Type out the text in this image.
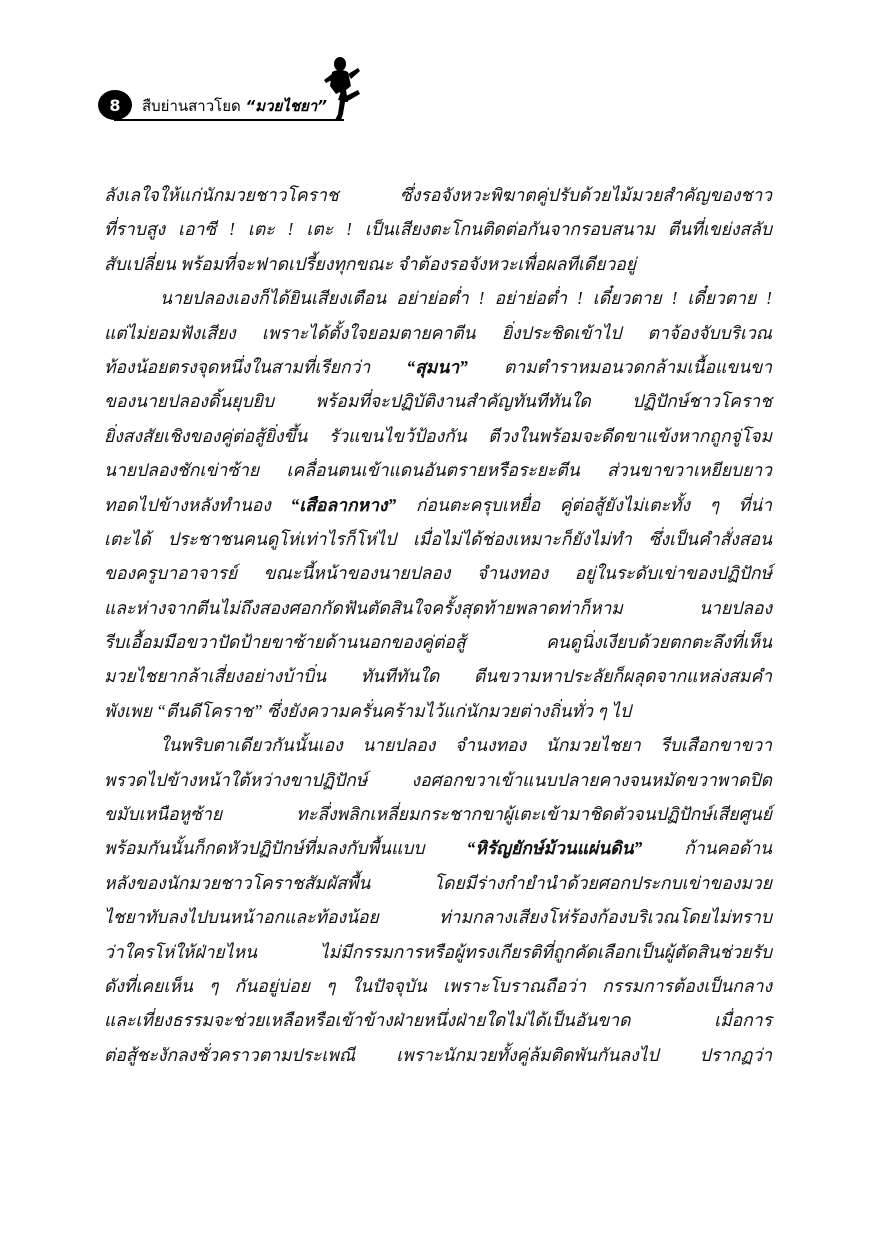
8 สืบย่านสาวโยด “มวยไชยา”
ลังเลใจให้แก่นักมวยชาวโคราช ซึ่งรอจังหวะพิฆาตคู่ปรับด้วยไม้มวยสำคัญของชาว
ที่ราบสูง เอาซี ! เตะ ! เตะ ! เป็นเสียงตะโกนติดต่อกันจากรอบสนาม ตีนที่เขย่งสลับ
สับเปลี่ยน พร้อมที่จะฟาดเปรี้ยงทุกขณะ จำต้องรอจังหวะเพื่อผลทีเดียวอยู่
นายปลองเองก็ได้ยินเสียงเตือน อย่าย่อต่ำ ! อย่าย่อต่ำ ! เดี๋ยวตาย ! เดี๋ยวตาย !
แต่ไม่ยอมฟังเสียง เพราะได้ตั้งใจยอมตายคาตีน ยิ่งประชิดเข้าไป ตาจ้องจับบริเวณ
ท้องน้อยตรงจุดหนึ่งในสามที่เรียกว่า “สุมนา” ตามตำราหมอนวดกล้ามเนื้อแขนขา
ของนายปลองดิ้นยุบยิบ พร้อมที่จะปฏิบัติงานสำคัญทันทีทันใด ปฏิปักษ์ชาวโคราช
ยิ่งสงสัยเชิงของคู่ต่อสู้ยิ่งขึ้น รัวแขนไขว้ป้องกัน ตีวงในพร้อมจะดีดขาแข้งหากถูกจู่โจม
นายปลองชักเข่าซ้าย เคลื่อนตนเข้าแดนอันตรายหรือระยะตีน ส่วนขาขวาเหยียบยาว
ทอดไปข้างหลังทำนอง “เสือลากหาง” ก่อนตะครุบเหยื่อ คู่ต่อสู้ยังไม่เตะทั้ง ๆ ที่น่า
เตะได้ ประชาชนคนดูโห่เท่าไรก็โห่ไป เมื่อไม่ได้ช่องเหมาะก็ยังไม่ทำ ซึ่งเป็นคำสั่งสอน
ของครูบาอาจารย์ ขณะนี้หน้าของนายปลอง จำนงทอง อยู่ในระดับเข่าของปฏิปักษ์
และห่างจากตีนไม่ถึงสองศอกกัดฟันตัดสินใจครั้งสุดท้ายพลาดท่าก็หาม นายปลอง
รีบเอื้อมมือขวาปัดป้ายขาซ้ายด้านนอกของคู่ต่อสู้ คนดูนิ่งเงียบด้วยตกตะลึงที่เห็น
มวยไชยากล้าเสี่ยงอย่างบ้าบิ่น ทันทีทันใด ตีนขวามหาประลัยก็ผลุดจากแหล่งสมคำ
พังเพย “ตีนดีโคราช” ซึ่งยังความครั่นคร้ามไว้แก่นักมวยต่างถิ่นทั่ว ๆ ไป
ในพริบตาเดียวกันนั้นเอง นายปลอง จำนงทอง นักมวยไชยา รีบเสือกขาขวา
พรวดไปข้างหน้าใต้หว่างขาปฏิปักษ์ งอศอกขวาเข้าแนบปลายคางจนหมัดขวาพาดปิด
ขมับเหนือหูซ้าย ทะลึ่งพลิกเหลี่ยมกระชากขาผู้เตะเข้ามาชิดตัวจนปฏิปักษ์เสียศูนย์
พร้อมกันนั้นก็กดหัวปฏิปักษ์ที่มลงกับพื้นแบบ “หิรัญยักษ์ม้วนแผ่นดิน” ก้านคอด้าน
หลังของนักมวยชาวโคราชสัมผัสพื้น โดยมีร่างกำยำนำด้วยศอกประกบเข่าของมวย
ไชยาทับลงไปบนหน้าอกและท้องน้อย ท่ามกลางเสียงโห่ร้องก้องบริเวณโดยไม่ทราบ
ว่าใครโห่ให้ฝ่ายไหน ไม่มีกรรมการหรือผู้ทรงเกียรติที่ถูกคัดเลือกเป็นผู้ตัดสินช่วยรับ
ดังที่เคยเห็น ๆ กันอยู่บ่อย ๆ ในปัจจุบัน เพราะโบราณถือว่า กรรมการต้องเป็นกลาง
และเที่ยงธรรมจะช่วยเหลือหรือเข้าข้างฝ่ายหนึ่งฝ่ายใดไม่ได้เป็นอันขาด เมื่อการ
ต่อสู้ชะงักลงชั่วคราวตามประเพณี เพราะนักมวยทั้งคู่ล้มติดพันกันลงไป ปรากฏว่า
